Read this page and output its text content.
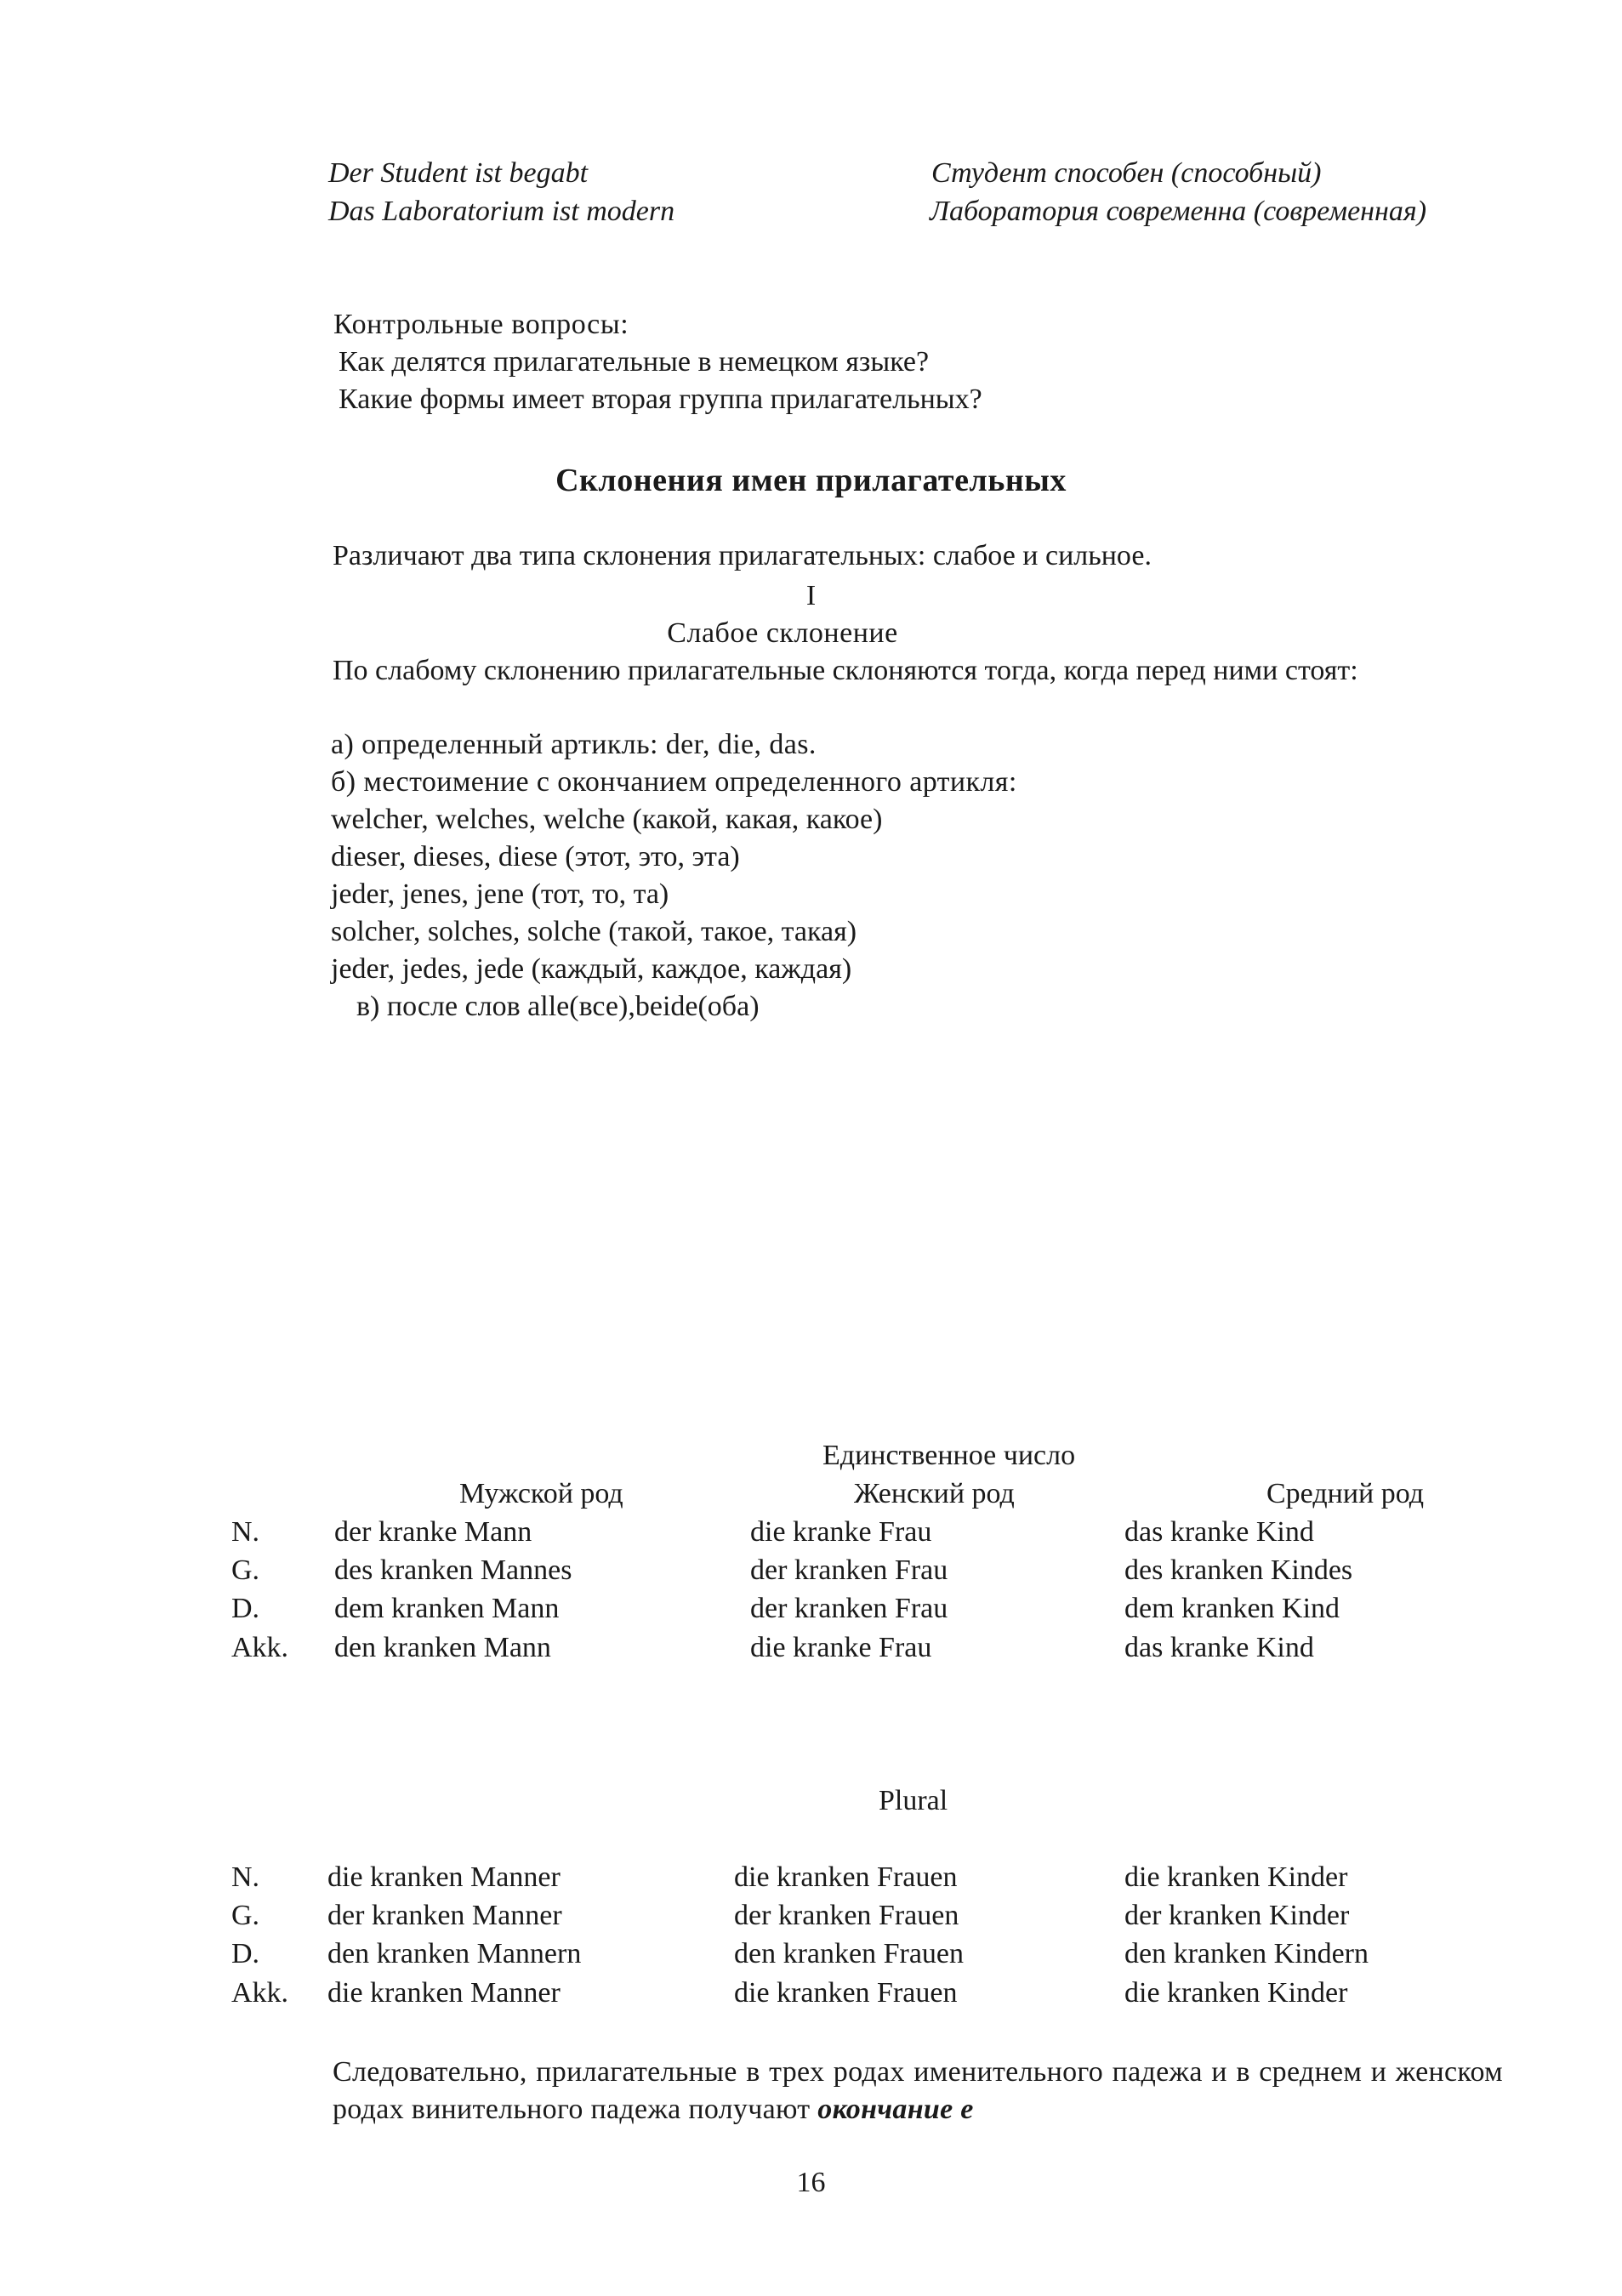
Der Student ist begabt	Студент способен (способный)
Das Laboratorium ist modern	Лаборатория современна (современная)
Контрольные вопросы:
Как делятся прилагательные в немецком языке?
Какие формы имеет вторая группа прилагательных?
Склонения имен прилагательных
Различают два типа склонения прилагательных: слабое и сильное.
I
Слабое склонение
По слабому склонению прилагательные склоняются тогда, когда перед ними стоят:
а) определенный артикль: der, die, das.
б) местоимение с окончанием определенного артикля:
welcher, welches, welche (какой, какая, какое)
dieser, dieses, diese (этот, это, эта)
jeder, jenes, jene (тот, то, та)
solcher, solches, solche (такой, такое, такая)
jeder, jedes, jede (каждый, каждое, каждая)
в) после слов alle(все),beide(оба)
Единственное число
Мужской род	Женский род	Средний род
N.	der kranke Mann	die kranke Frau	das kranke Kind
G.	des kranken Mannes	der kranken Frau	des kranken Kindes
D.	dem kranken Mann	der kranken Frau	dem kranken Kind
Akk. den kranken Mann	die kranke Frau	das kranke Kind
Plural
N. die kranken Manner	die kranken Frauen	die kranken Kinder
G. der kranken Manner	der kranken Frauen	der kranken Kinder
D. den kranken Mannern	den kranken Frauen	den kranken Kindern
Akk. die kranken Manner	die kranken Frauen	die kranken Kinder
Следовательно, прилагательные в трех родах именительного падежа и в среднем и женском родах винительного падежа получают окончание е
16
